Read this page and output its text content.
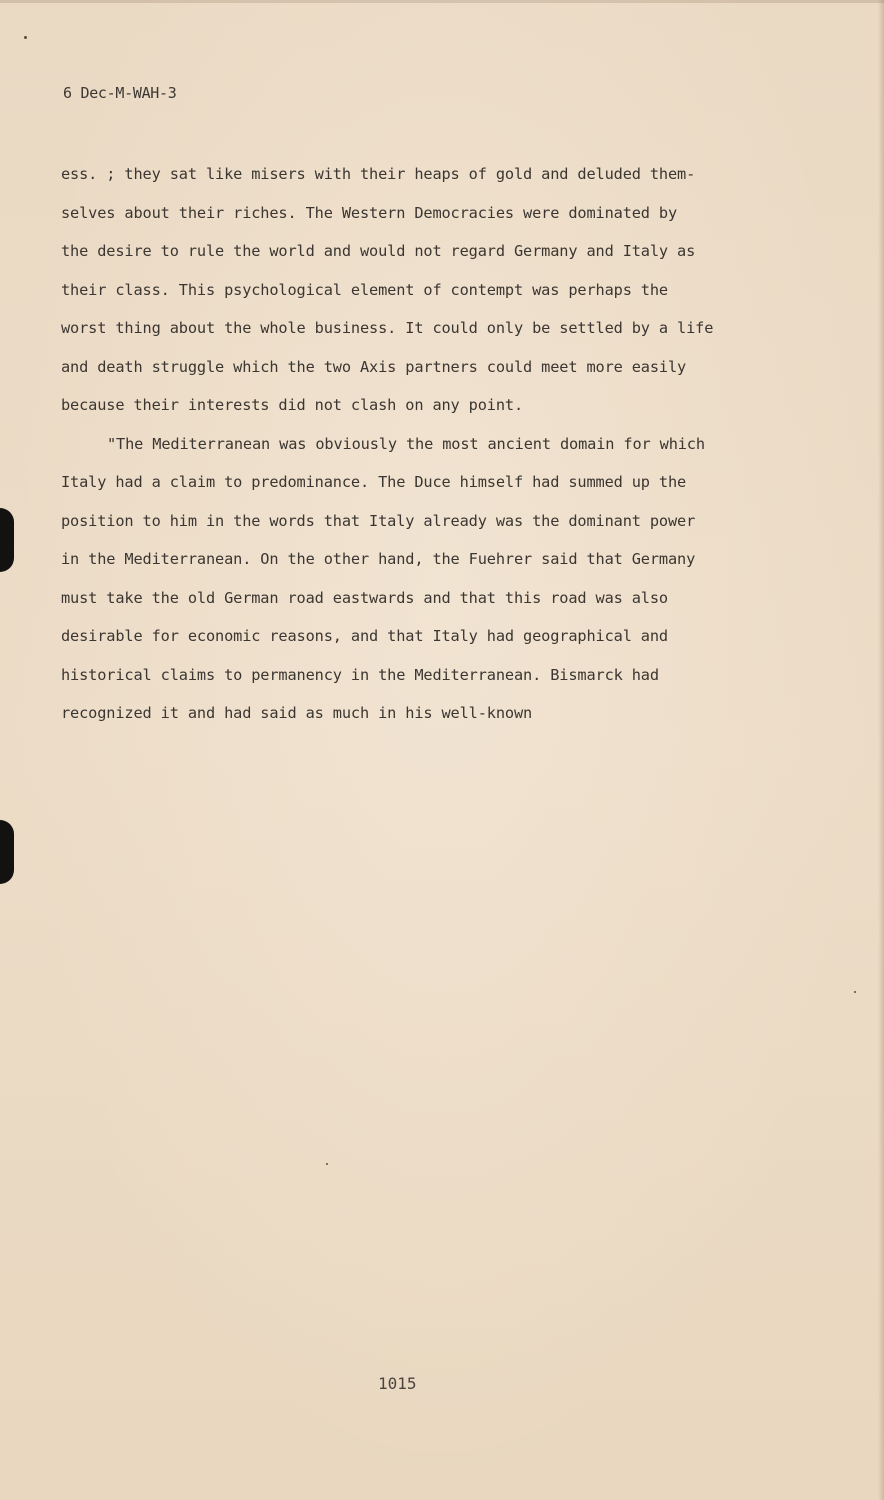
6 Dec-M-WAH-3
ess. ; they sat like misers with their heaps of gold and deluded them-
selves about their riches. The Western Democracies were dominated by
the desire to rule the world and would not regard Germany and Italy as
their class. This psychological element of contempt was perhaps the
worst thing about the whole business. It could only be settled by a life
and death struggle which the two Axis partners could meet more easily
because their interests did not clash on any point.
"The Mediterranean was obviously the most ancient domain for which
Italy had a claim to predominance. The Duce himself had summed up the
position to him in the words that Italy already was the dominant power
in the Mediterranean. On the other hand, the Fuehrer said that Germany
must take the old German road eastwards and that this road was also
desirable for economic reasons, and that Italy had geographical and
historical claims to permanency in the Mediterranean. Bismarck had
recognized it and had said as much in his well-known
1015
